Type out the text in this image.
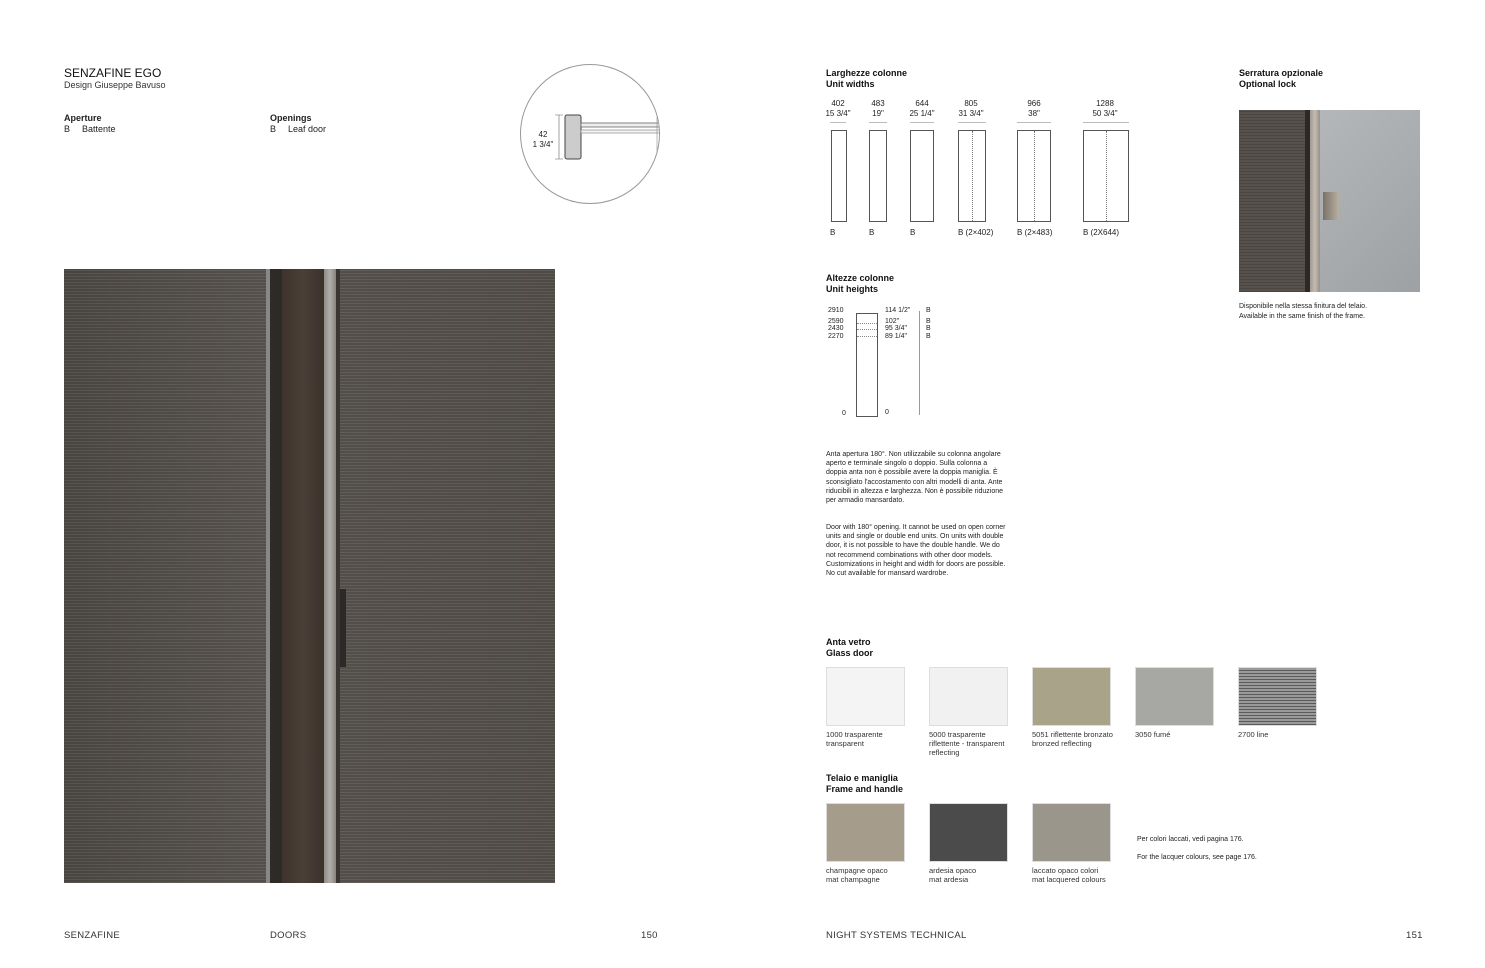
SENZAFINE EGO
Design Giuseppe Bavuso
Aperture
B Battente
Openings
B Leaf door
42
1 3/4"
Larghezze colonne
Unit widths
402
15 3/4"
B
483
19"
B
644
25 1/4"
B
805
31 3/4"
B (2×402)
966
38"
B (2×483)
1288
50 3/4"
B (2X644)
Altezze colonne
Unit heights
2910	114 1/2" B
2590	102"	B
2430	95 3/4"	B
2270	89 1/4"	B
0	0
Anta apertura 180°. Non utilizzabile su colonna angolare aperto e terminale singolo o doppio. Sulla colonna a doppia anta non è possibile avere la doppia maniglia. È sconsigliato l'accostamento con altri modelli di anta. Ante riducibili in altezza e larghezza. Non è possibile riduzione per armadio mansardato.
Door with 180° opening. It cannot be used on open corner units and single or double end units. On units with double door, it is not possible to have the double handle. We do not recommend combinations with other door models. Customizations in height and width for doors are possible. No cut available for mansard wardrobe.
Serratura opzionale
Optional lock
Disponibile nella stessa finitura del telaio.
Available in the same finish of the frame.
Anta vetro
Glass door
1000 trasparente
transparent
5000 trasparente
riflettente - transparent
reflecting
5051 riflettente bronzato
bronzed reflecting
3050 fumé	2700 line
Telaio e maniglia
Frame and handle
champagne opaco
mat champagne
ardesia opaco
mat ardesia
laccato opaco colori
mat lacquered colours
Per colori laccati, vedi pagina 176.
For the lacquer colours, see page 176.
SENZAFINE	DOORS	150	NIGHT SYSTEMS TECHNICAL	151
